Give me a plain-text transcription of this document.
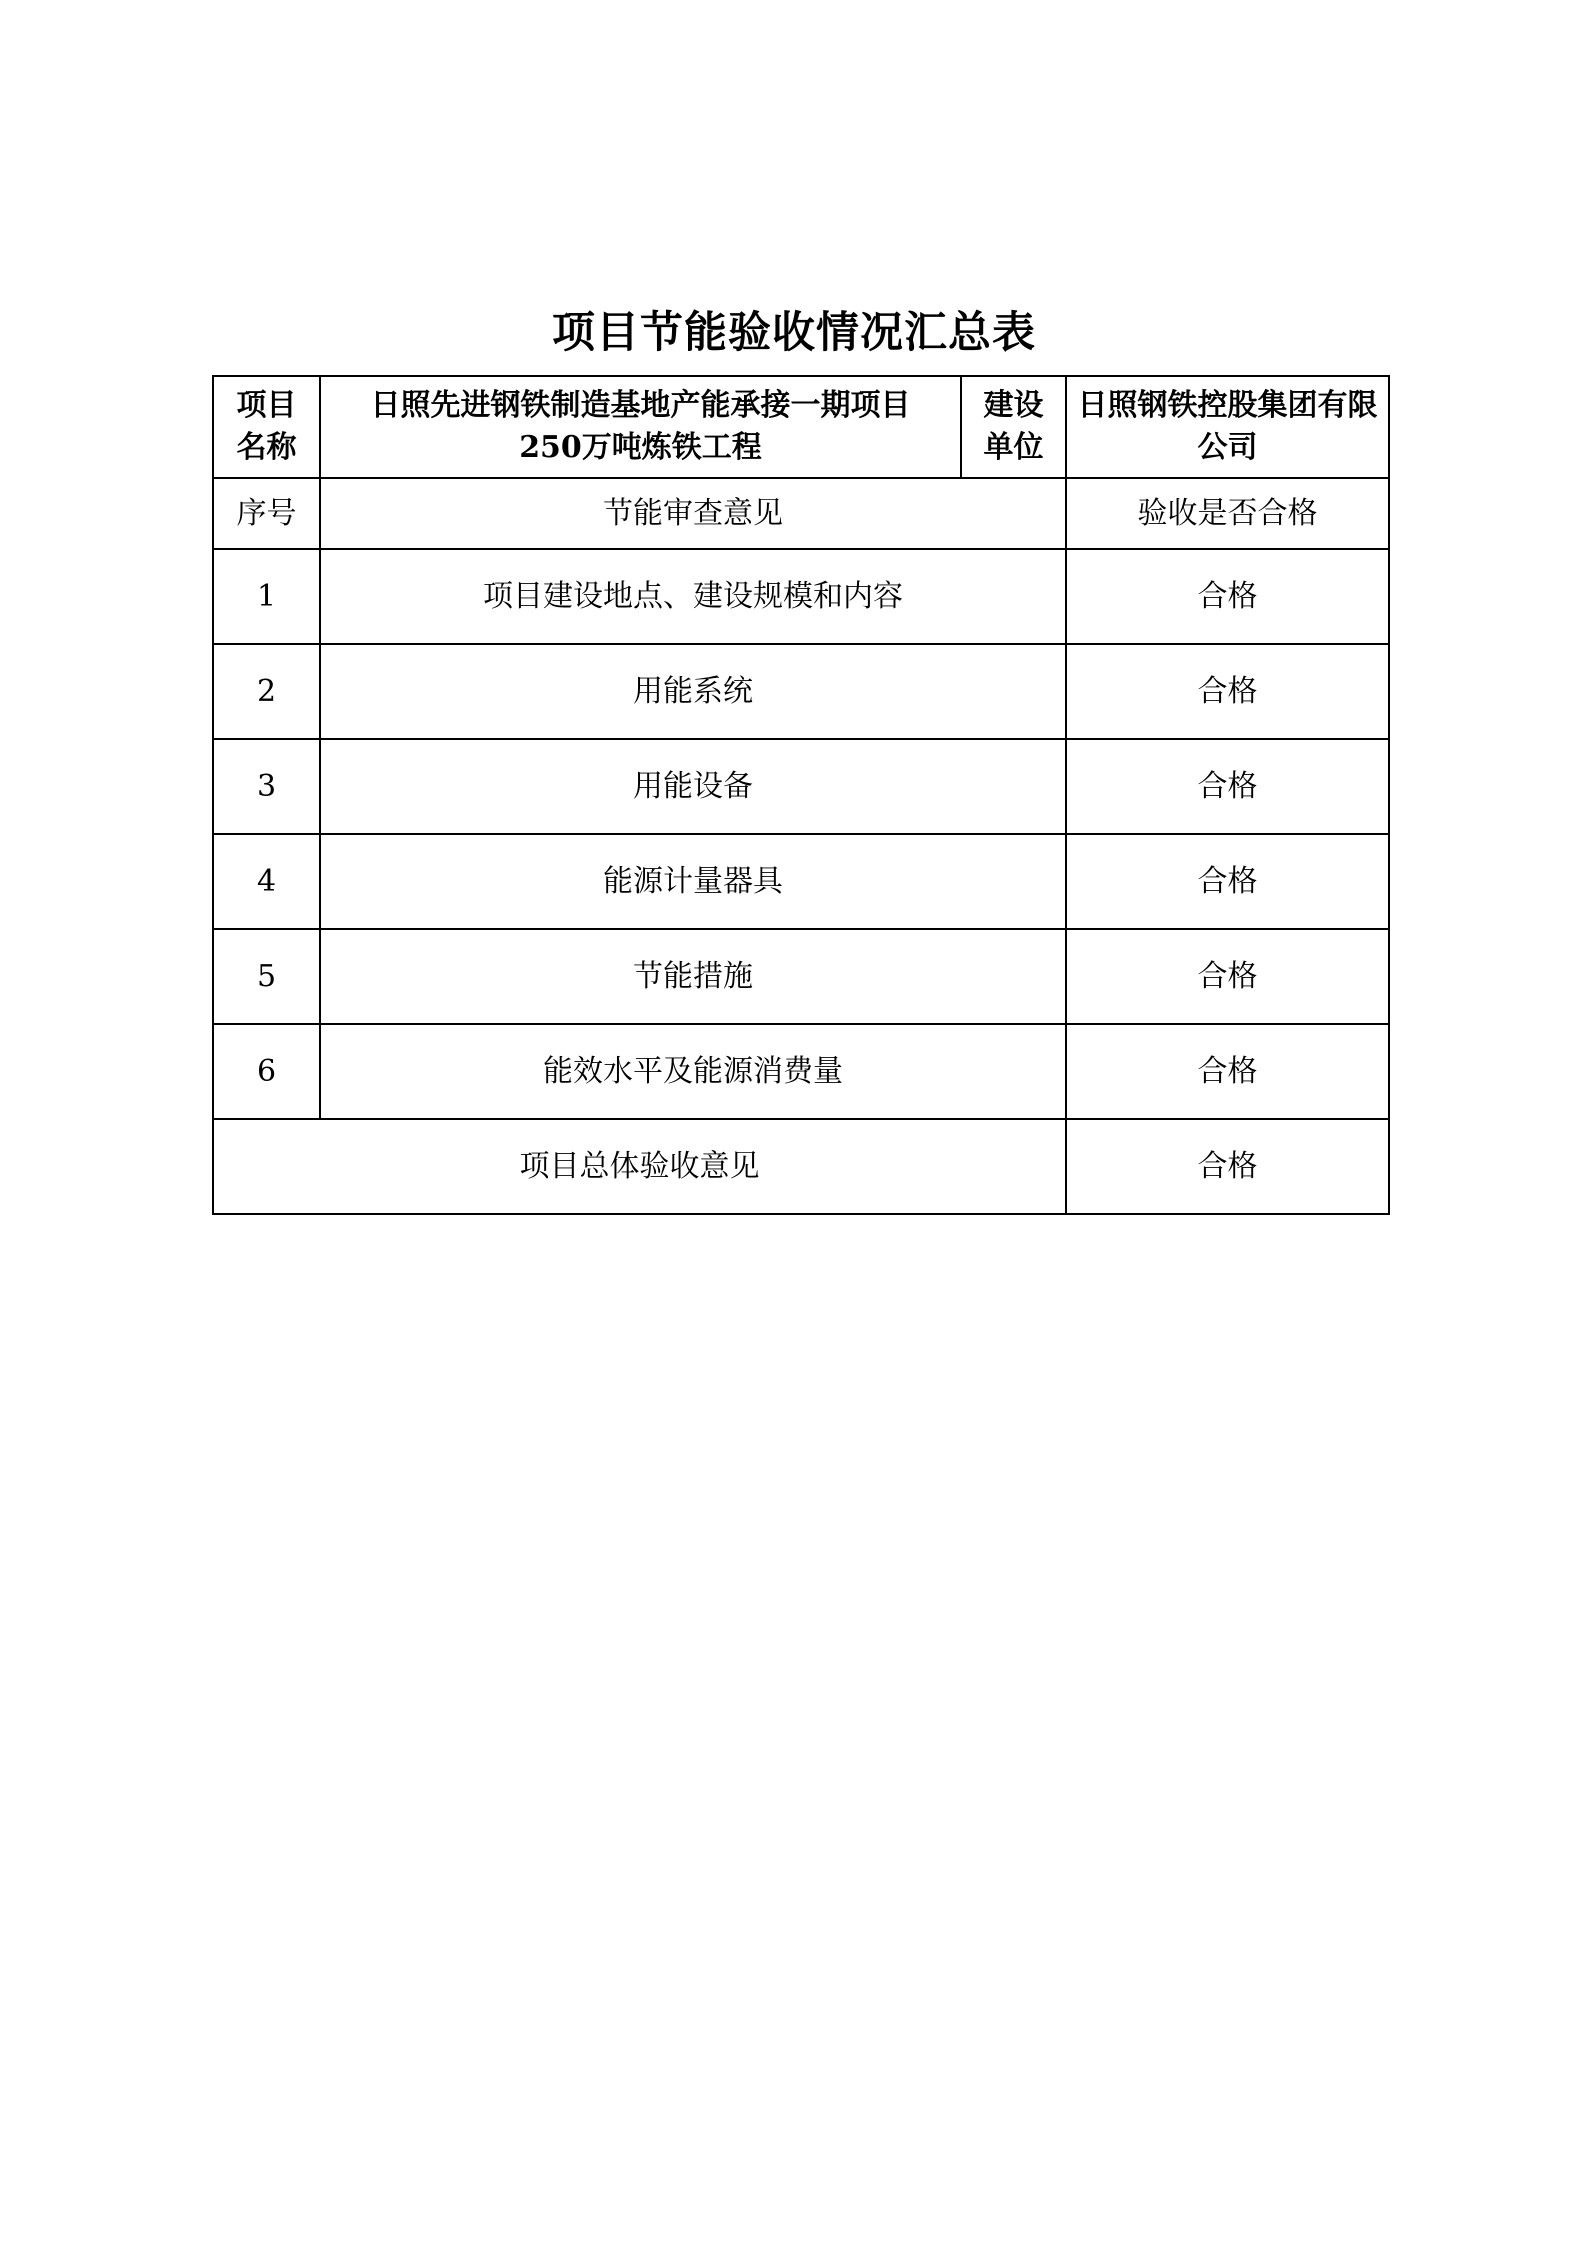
项目节能验收情况汇总表
项目名称	日照先进钢铁制造基地产能承接一期项目250万吨炼铁工程	建设单位	日照钢铁控股集团有限公司
序号	节能审查意见		验收是否合格
1	项目建设地点、建设规模和内容		合格
2	用能系统		合格
3	用能设备		合格
4	能源计量器具		合格
5	节能措施		合格
6	能效水平及能源消费量		合格
项目总体验收意见			合格
